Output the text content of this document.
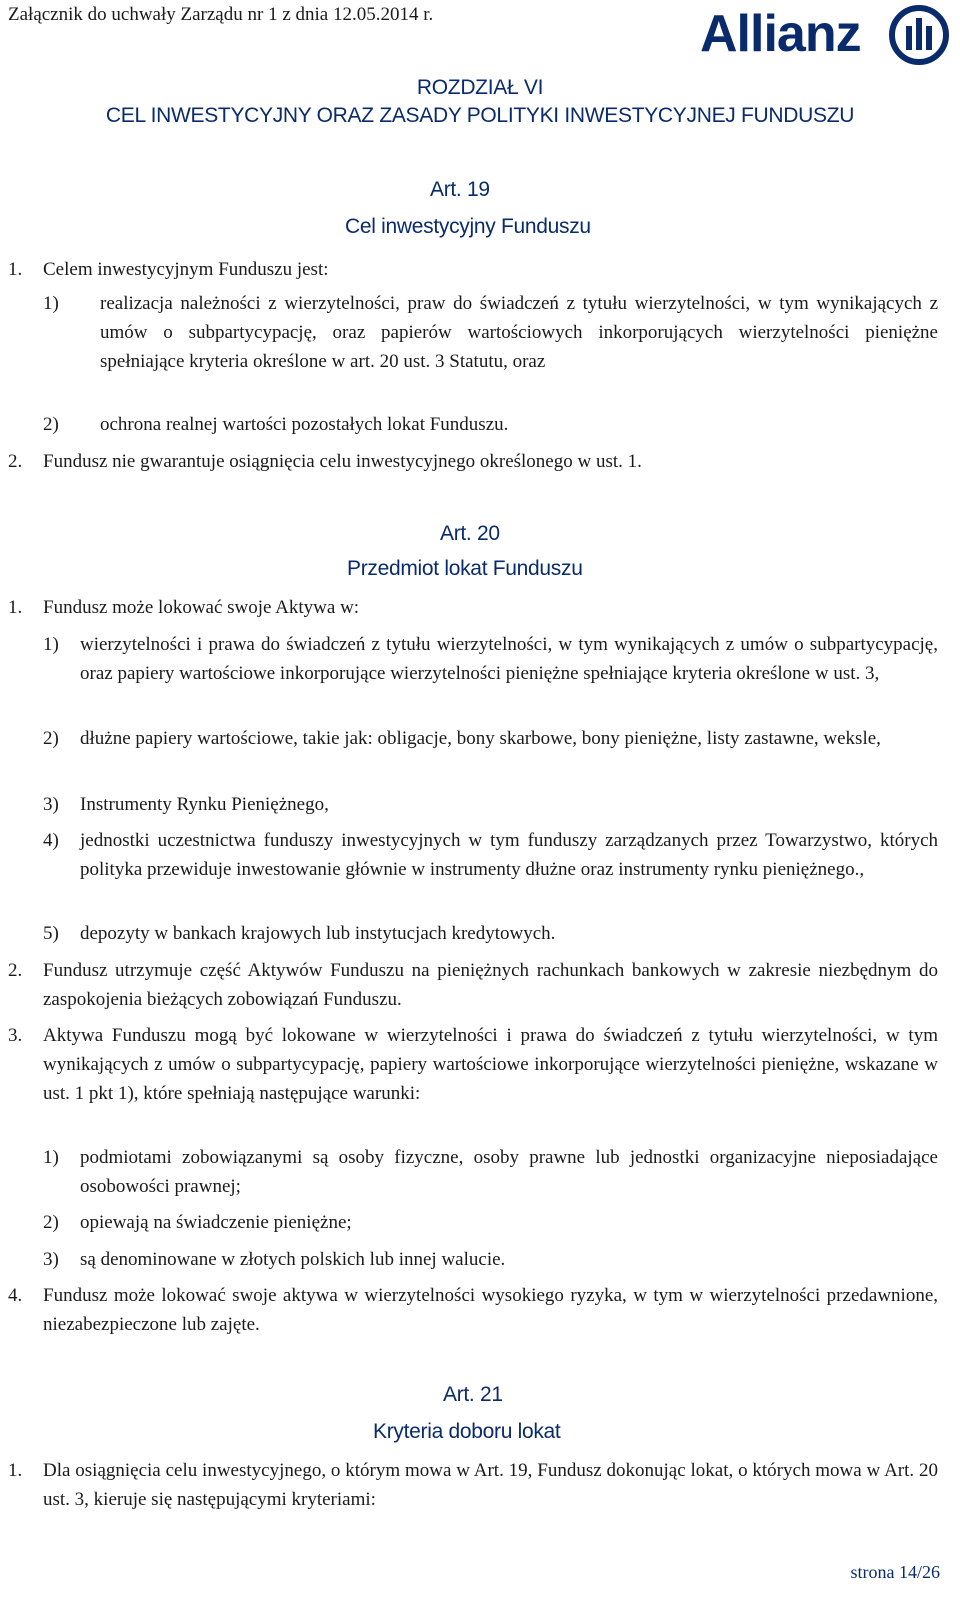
Załącznik do uchwały Zarządu nr 1 z dnia 12.05.2014 r.	Allianz
ROZDZIAŁ VI
CEL INWESTYCYJNY ORAZ ZASADY POLITYKI INWESTYCYJNEJ FUNDUSZU
Art. 19
Cel inwestycyjny Funduszu
1. Celem inwestycyjnym Funduszu jest:
1) realizacja należności z wierzytelności, praw do świadczeń z tytułu wierzytelności, w tym wynikających z umów o subpartycypację, oraz papierów wartościowych inkorporujących wierzytelności pieniężne spełniające kryteria określone w art. 20 ust. 3 Statutu, oraz
2) ochrona realnej wartości pozostałych lokat Funduszu.
2. Fundusz nie gwarantuje osiągnięcia celu inwestycyjnego określonego w ust. 1.
Art. 20
Przedmiot lokat Funduszu
1. Fundusz może lokować swoje Aktywa w:
1) wierzytelności i prawa do świadczeń z tytułu wierzytelności, w tym wynikających z umów o subpartycypację, oraz papiery wartościowe inkorporujące wierzytelności pieniężne spełniające kryteria określone w ust. 3,
2) dłużne papiery wartościowe, takie jak: obligacje, bony skarbowe, bony pieniężne, listy zastawne, weksle,
3) Instrumenty Rynku Pieniężnego,
4) jednostki uczestnictwa funduszy inwestycyjnych w tym funduszy zarządzanych przez Towarzystwo, których polityka przewiduje inwestowanie głównie w instrumenty dłużne oraz instrumenty rynku pieniężnego.,
5) depozyty w bankach krajowych lub instytucjach kredytowych.
2. Fundusz utrzymuje część Aktywów Funduszu na pieniężnych rachunkach bankowych w zakresie niezbędnym do zaspokojenia bieżących zobowiązań Funduszu.
3. Aktywa Funduszu mogą być lokowane w wierzytelności i prawa do świadczeń z tytułu wierzytelności, w tym wynikających z umów o subpartycypację, papiery wartościowe inkorporujące wierzytelności pieniężne, wskazane w ust. 1 pkt 1), które spełniają następujące warunki:
1) podmiotami zobowiązanymi są osoby fizyczne, osoby prawne lub jednostki organizacyjne nieposiadające osobowości prawnej;
2) opiewają na świadczenie pieniężne;
3) są denominowane w złotych polskich lub innej walucie.
4. Fundusz może lokować swoje aktywa w wierzytelności wysokiego ryzyka, w tym w wierzytelności przedawnione, niezabezpieczone lub zajęte.
Art. 21
Kryteria doboru lokat
1. Dla osiągnięcia celu inwestycyjnego, o którym mowa w Art. 19, Fundusz dokonując lokat, o których mowa w Art. 20 ust. 3, kieruje się następującymi kryteriami:
strona 14/26
